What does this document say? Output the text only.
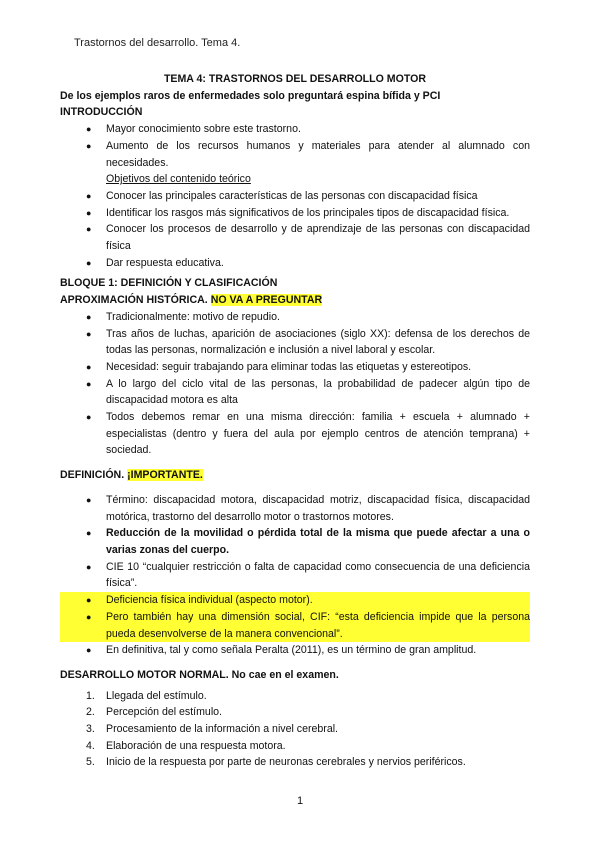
Trastornos del desarrollo. Tema 4.
TEMA 4: TRASTORNOS DEL DESARROLLO MOTOR
De los ejemplos raros de enfermedades solo preguntará espina bífida y PCI
INTRODUCCIÓN
● Mayor conocimiento sobre este trastorno.
● Aumento de los recursos humanos y materiales para atender al alumnado con necesidades.
Objetivos del contenido teórico
● Conocer las principales características de las personas con discapacidad física
● Identificar los rasgos más significativos de los principales tipos de discapacidad física.
● Conocer los procesos de desarrollo y de aprendizaje de las personas con discapacidad física
● Dar respuesta educativa.
BLOQUE 1: DEFINICIÓN Y CLASIFICACIÓN
APROXIMACIÓN HISTÓRICA. NO VA A PREGUNTAR
● Tradicionalmente: motivo de repudio.
● Tras años de luchas, aparición de asociaciones (siglo XX): defensa de los derechos de todas las personas, normalización e inclusión a nivel laboral y escolar.
● Necesidad: seguir trabajando para eliminar todas las etiquetas y estereotipos.
● A lo largo del ciclo vital de las personas, la probabilidad de padecer algún tipo de discapacidad motora es alta
● Todos debemos remar en una misma dirección: familia + escuela + alumnado + especialistas (dentro y fuera del aula por ejemplo centros de atención temprana) + sociedad.
DEFINICIÓN. ¡IMPORTANTE.
● Término: discapacidad motora, discapacidad motriz, discapacidad física, discapacidad motórica, trastorno del desarrollo motor o trastornos motores.
● Reducción de la movilidad o pérdida total de la misma que puede afectar a una o varias zonas del cuerpo.
● CIE 10 “cualquier restricción o falta de capacidad como consecuencia de una deficiencia física”.
● Deficiencia física individual (aspecto motor).
● Pero también hay una dimensión social, CIF: “esta deficiencia impide que la persona pueda desenvolverse de la manera convencional”.
● En definitiva, tal y como señala Peralta (2011), es un término de gran amplitud.
DESARROLLO MOTOR NORMAL. No cae en el examen.
1. Llegada del estímulo.
2. Percepción del estímulo.
3. Procesamiento de la información a nivel cerebral.
4. Elaboración de una respuesta motora.
5. Inicio de la respuesta por parte de neuronas cerebrales y nervios periféricos.
1
